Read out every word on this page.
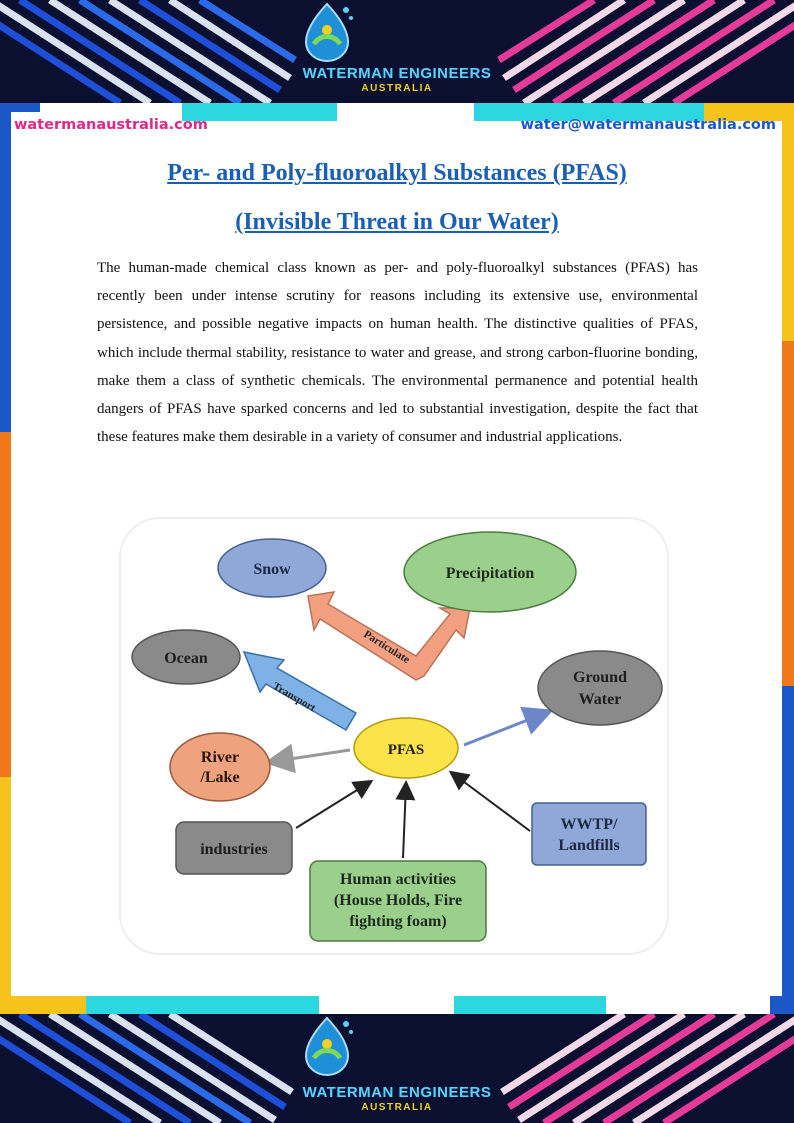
WATERMAN ENGINEERS
AUSTRALIA
watermanaustralia.com	water@watermanaustralia.com
Per- and Poly-fluoroalkyl Substances (PFAS)
(Invisible Threat in Our Water)

The human-made chemical class known as per- and poly-fluoroalkyl substances (PFAS) has recently been under intense scrutiny for reasons including its extensive use, environmental persistence, and possible negative impacts on human health. The distinctive qualities of PFAS, which include thermal stability, resistance to water and grease, and strong carbon-fluorine bonding, make them a class of synthetic chemicals. The environmental permanence and potential health dangers of PFAS have sparked concerns and led to substantial investigation, despite the fact that these features make them desirable in a variety of consumer and industrial applications.

Particulate
Transport
Snow	Precipitation
Ocean
Ground
Water
River
/Lake
PFAS
industries
WWTP/
Landfills
Human activities
(House Holds, Fire
fighting foam)
WATERMAN ENGINEERS
AUSTRALIA
